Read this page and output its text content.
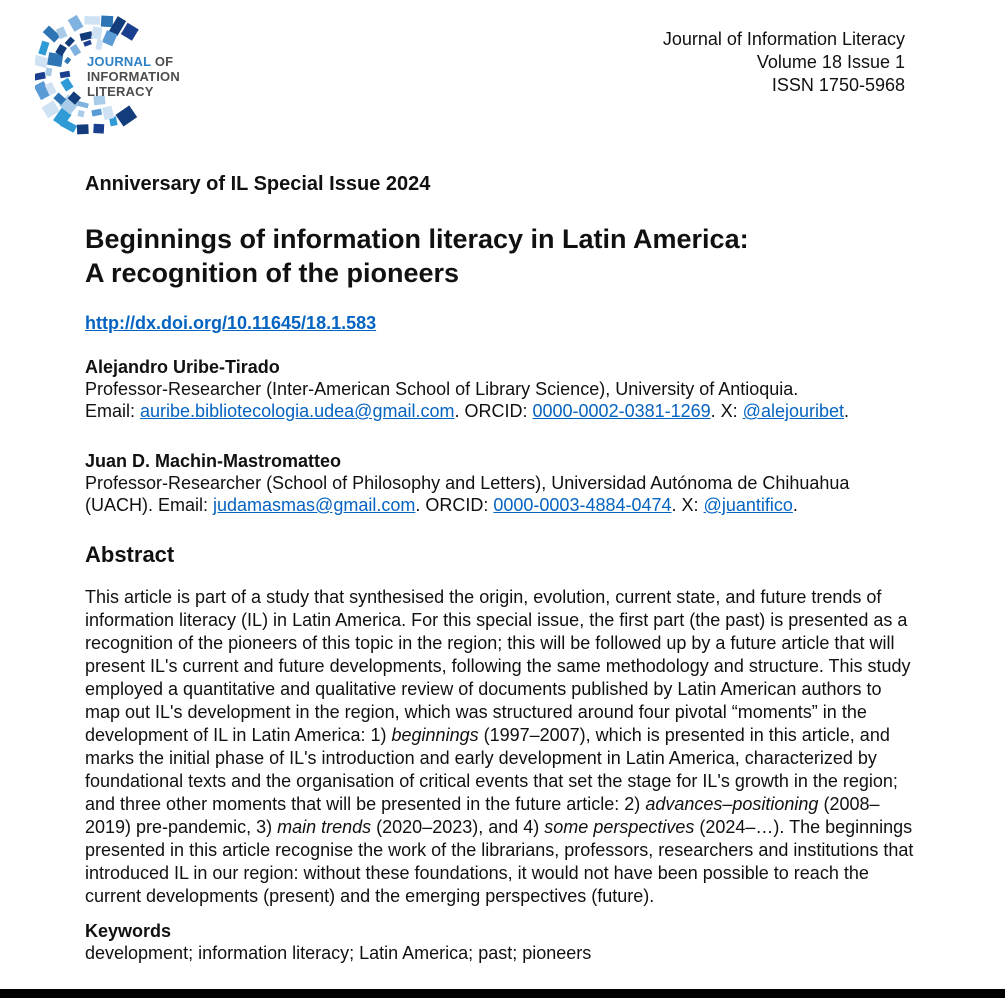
JOURNAL OF
INFORMATION
LITERACY
Journal of Information Literacy
Volume 18 Issue 1
ISSN 1750-5968
Anniversary of IL Special Issue 2024
Beginnings of information literacy in Latin America:
A recognition of the pioneers
http://dx.doi.org/10.11645/18.1.583
Alejandro Uribe-Tirado
Professor-Researcher (Inter-American School of Library Science), University of Antioquia.
Email: auribe.bibliotecologia.udea@gmail.com. ORCID: 0000-0002-0381-1269. X: @alejouribet.
Juan D. Machin-Mastromatteo
Professor-Researcher (School of Philosophy and Letters), Universidad Autónoma de Chihuahua
(UACH). Email: judamasmas@gmail.com. ORCID: 0000-0003-4884-0474. X: @juantifico.
Abstract

This article is part of a study that synthesised the origin, evolution, current state, and future trends of information literacy (IL) in Latin America. For this special issue, the first part (the past) is presented as a recognition of the pioneers of this topic in the region; this will be followed up by a future article that will present IL's current and future developments, following the same methodology and structure. This study employed a quantitative and qualitative review of documents published by Latin American authors to map out IL's development in the region, which was structured around four pivotal “moments” in the development of IL in Latin America: 1) beginnings (1997–2007), which is presented in this article, and marks the initial phase of IL's introduction and early development in Latin America, characterized by foundational texts and the organisation of critical events that set the stage for IL's growth in the region; and three other moments that will be presented in the future article: 2) advances–positioning (2008–2019) pre-pandemic, 3) main trends (2020–2023), and 4) some perspectives (2024–…). The beginnings presented in this article recognise the work of the librarians, professors, researchers and institutions that introduced IL in our region: without these foundations, it would not have been possible to reach the current developments (present) and the emerging perspectives (future).

Keywords
development; information literacy; Latin America; past; pioneers
